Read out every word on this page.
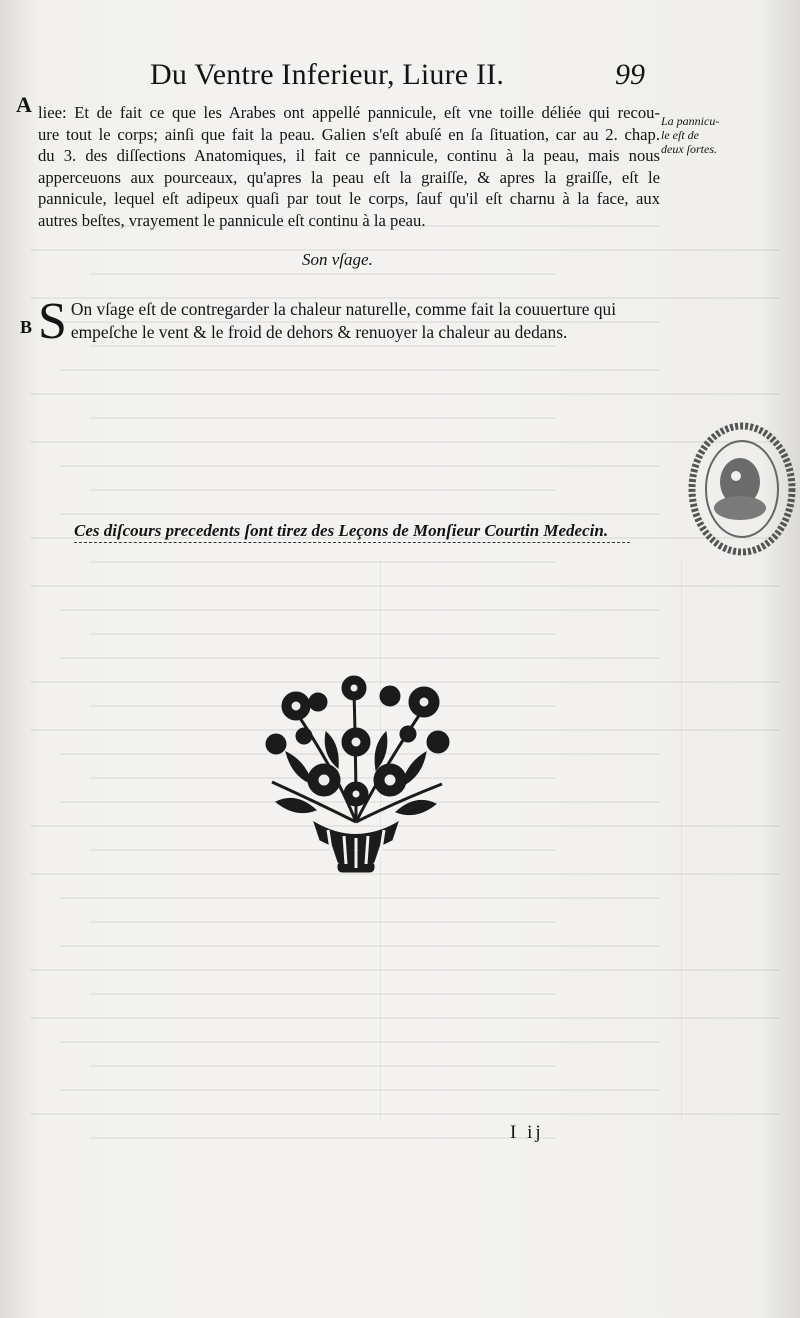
Du Ventre Inferieur, Liure II.	99
A
B
liee: Et de fait ce que les Arabes ont appellé pannicule, eſt vne toille déliée qui recou-
ure tout le corps; ainſi que fait la peau. Galien s'eſt abuſé en ſa ſituation, car au 2. chap.
du 3. des diſſections Anatomiques, il fait ce pannicule, continu à la peau, mais nous
apperceuons aux pourceaux, qu'apres la peau eſt la graiſſe, & apres la graiſſe, eſt le
pannicule, lequel eſt adipeux quaſi par tout le corps, ſauf qu'il eſt charnu à la face, aux
autres beſtes, vrayement le pannicule eſt continu à la peau.
La pannicu-
le eſt de
deux ſortes.
Son vſage.
S On vſage eſt de contregarder la chaleur naturelle, comme fait la couuerture qui
empeſche le vent & le froid de dehors & renuoyer la chaleur au dedans.
Ces diſcours precedents ſont tirez des Leçons de Monſieur Courtin Medecin.
I ij
